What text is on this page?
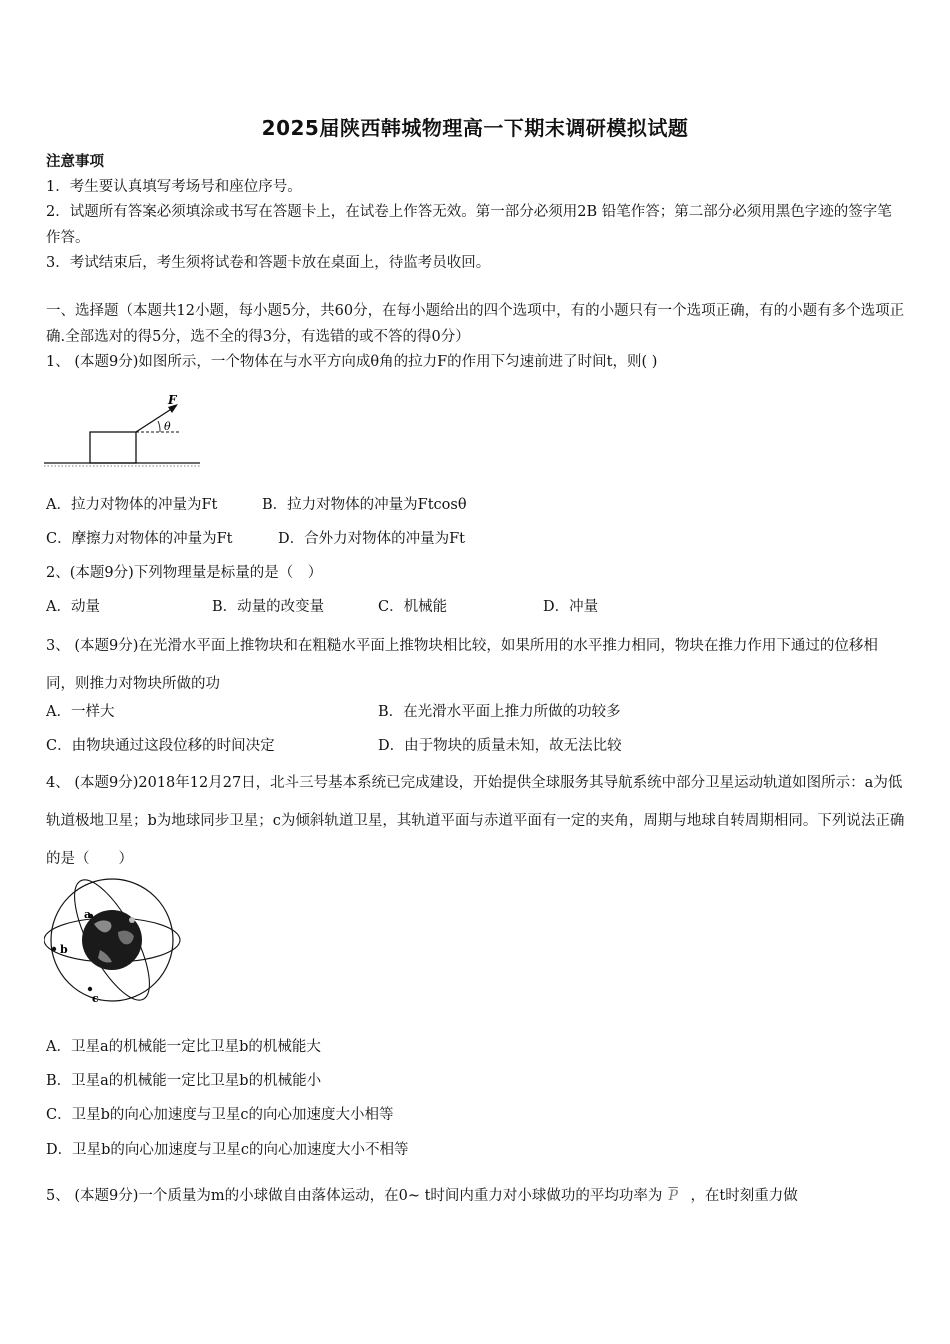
2025届陕西韩城物理高一下期末调研模拟试题
注意事项
1．考生要认真填写考场号和座位序号。
2．试题所有答案必须填涂或书写在答题卡上，在试卷上作答无效。第一部分必须用2B 铅笔作答；第二部分必须用黑色字迹的签字笔作答。
3．考试结束后，考生须将试卷和答题卡放在桌面上，待监考员收回。
一、选择题（本题共12小题，每小题5分，共60分，在每小题给出的四个选项中，有的小题只有一个选项正确，有的小题有多个选项正确.全部选对的得5分，选不全的得3分，有选错的或不答的得0分）
1、 (本题9分)如图所示，一个物体在与水平方向成θ角的拉力F的作用下匀速前进了时间t，则( )
F
θ
A．拉力对物体的冲量为Ft	B．拉力对物体的冲量为Ftcosθ
C．摩擦力对物体的冲量为Ft	D．合外力对物体的冲量为Ft
2、(本题9分)下列物理量是标量的是（　）
A．动量	B．动量的改变量	C．机械能	D．冲量
3、 (本题9分)在光滑水平面上推物块和在粗糙水平面上推物块相比较，如果所用的水平推力相同，物块在推力作用下通过的位移相同，则推力对物块所做的功
A．一样大	B．在光滑水平面上推力所做的功较多
C．由物块通过这段位移的时间决定	D．由于物块的质量未知，故无法比较
4、 (本题9分)2018年12月27日，北斗三号基本系统已完成建设，开始提供全球服务其导航系统中部分卫星运动轨道如图所示：a为低轨道极地卫星；b为地球同步卫星；c为倾斜轨道卫星，其轨道平面与赤道平面有一定的夹角，周期与地球自转周期相同。下列说法正确的是（　　）
a
b
c
A．卫星a的机械能一定比卫星b的机械能大
B．卫星a的机械能一定比卫星b的机械能小
C．卫星b的向心加速度与卫星c的向心加速度大小相等
D．卫星b的向心加速度与卫星c的向心加速度大小不相等
5、 (本题9分)一个质量为m的小球做自由落体运动，在0~ t时间内重力对小球做功的平均功率为 $\overline{P}$ ，在t时刻重力做
